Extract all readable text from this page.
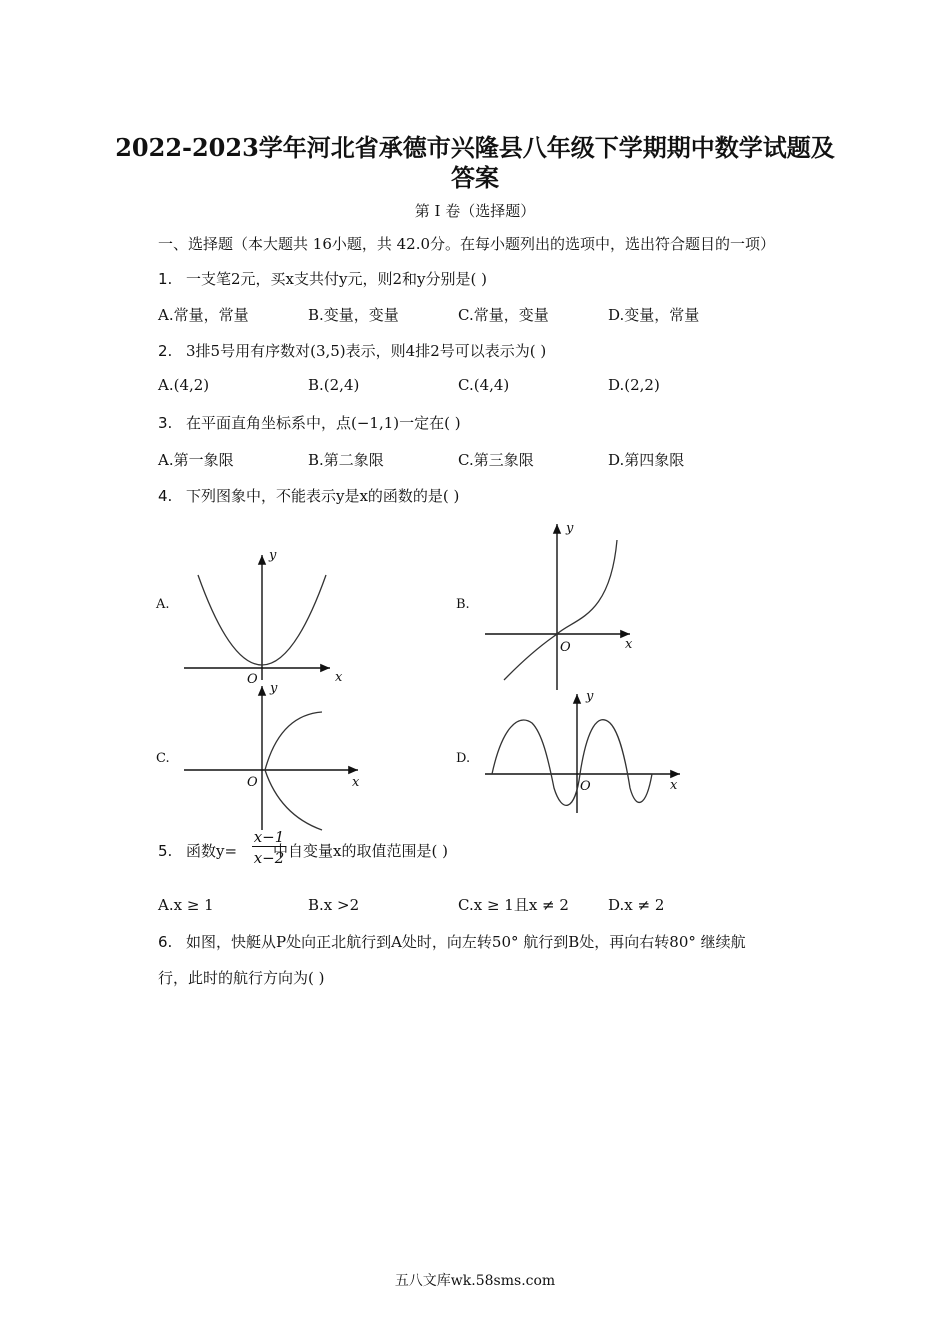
2022-2023学年河北省承德市兴隆县八年级下学期期中数学试题及
答案
第 I 卷（选择题）
一、选择题（本大题共 16小题，共 42.0分。在每小题列出的选项中，选出符合题目的一项）
1. 一支笔2元，买x支共付y元，则2和y分别是( )
A.常量，常量	B.变量，变量	C.常量，变量	D.变量，常量
2. 3排5号用有序数对(3,5)表示，则4排2号可以表示为( )
A.(4,2)	B.(2,4)	C.(4,4)	D.(2,2)
3. 在平面直角坐标系中，点(−1,1)一定在( )
A.第一象限	B.第二象限	C.第三象限	D.第四象限
4. 下列图象中，不能表示y是x的函数的是( )
A.	B.
C.	D.
y
x
O
y
x
O
y
x
O
y
x
O
5. 函数y= 中自变量x的取值范围是( )
x−1
x−2
A.x ≥ 1	B.x >2	C.x ≥ 1且x ≠ 2	D.x ≠ 2
6. 如图，快艇从P处向正北航行到A处时，向左转50° 航行到B处，再向右转80° 继续航
行，此时的航行方向为( )
五八文库wk.58sms.com
